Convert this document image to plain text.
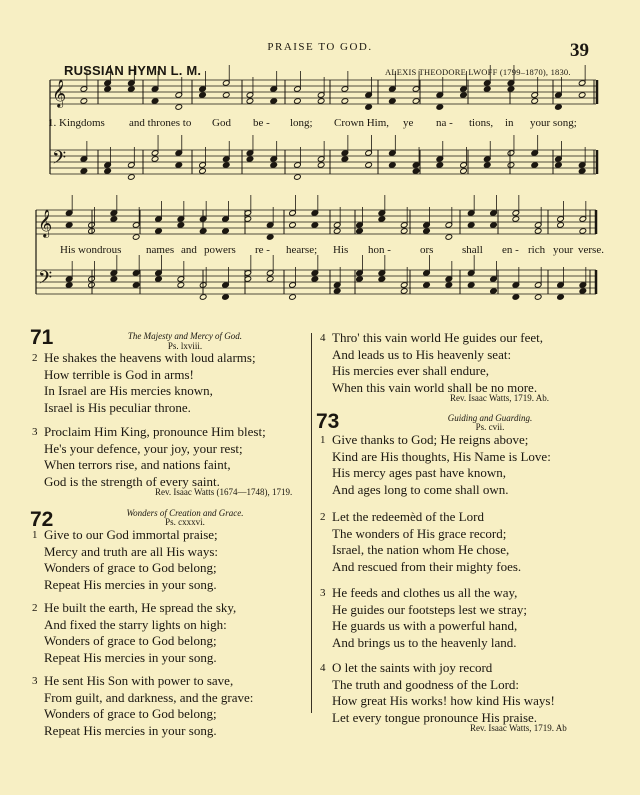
PRAISE TO GOD.	39
RUSSIAN HYMN L. M.	ALEXIS THEODORE LWOFF (1799–1870), 1830.
𝄞
𝄢
𝄞
𝄢
1. Kingdoms and thrones to God be - long; Crown Him, ye na - tions, in your song;
His wondrous names and powers re - hearse; His hon -	ors	shall en - rich your verse.
71	The Majesty and Mercy of God.
Ps. lxviii.
2 He shakes the heavens with loud alarms;
How terrible is God in arms!
In Israel are His mercies known,
Israel is His peculiar throne.
3 Proclaim Him King, pronounce Him blest;
He's your defence, your joy, your rest;
When terrors rise, and nations faint,
God is the strength of every saint.
Rev. Isaac Watts (1674—1748), 1719.
72	Wonders of Creation and Grace.
Ps. cxxxvi.
1 Give to our God immortal praise;
Mercy and truth are all His ways:
Wonders of grace to God belong;
Repeat His mercies in your song.
2 He built the earth, He spread the sky,
And fixed the starry lights on high:
Wonders of grace to God belong;
Repeat His mercies in your song.
3 He sent His Son with power to save,
From guilt, and darkness, and the grave:
Wonders of grace to God belong;
Repeat His mercies in your song.
4 Thro' this vain world He guides our feet,
And leads us to His heavenly seat:
His mercies ever shall endure,
When this vain world shall be no more.
Rev. Isaac Watts, 1719. Ab.
73	Guiding and Guarding.
Ps. cvii.
1 Give thanks to God; He reigns above;
Kind are His thoughts, His Name is Love:
His mercy ages past have known,
And ages long to come shall own.
2 Let the redeemèd of the Lord
The wonders of His grace record;
Israel, the nation whom He chose,
And rescued from their mighty foes.
3 He feeds and clothes us all the way,
He guides our footsteps lest we stray;
He guards us with a powerful hand,
And brings us to the heavenly land.
4 O let the saints with joy record
The truth and goodness of the Lord:
How great His works! how kind His ways!
Let every tongue pronounce His praise.
Rev. Isaac Watts, 1719. Ab
